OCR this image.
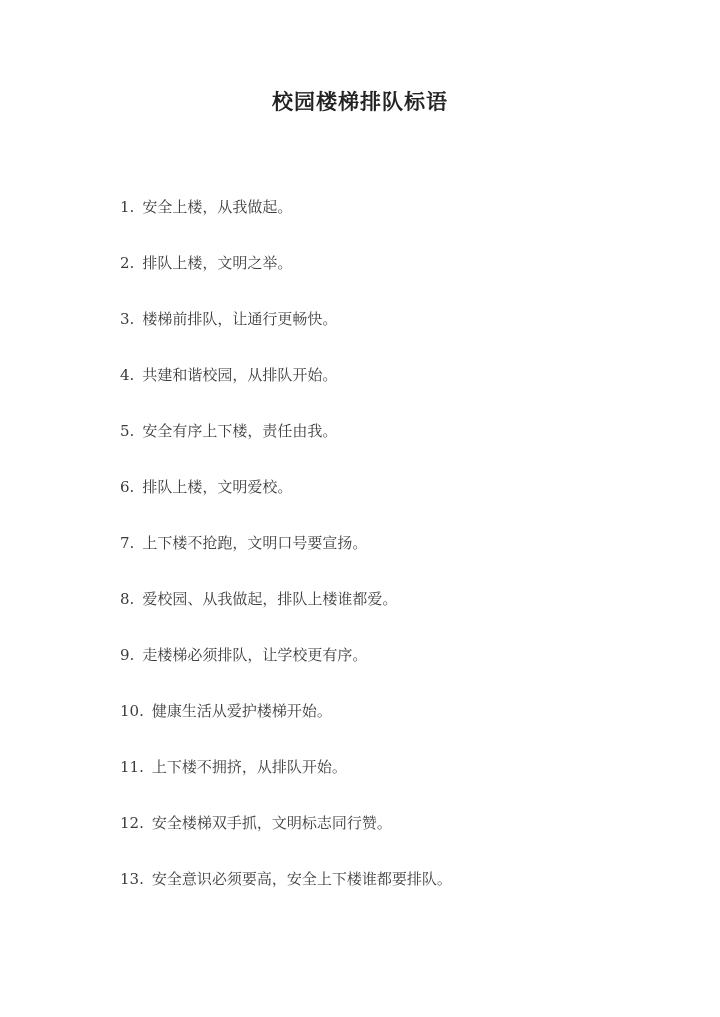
校园楼梯排队标语
1. 安全上楼，从我做起。
2. 排队上楼，文明之举。
3. 楼梯前排队，让通行更畅快。
4. 共建和谐校园，从排队开始。
5. 安全有序上下楼，责任由我。
6. 排队上楼，文明爱校。
7. 上下楼不抢跑，文明口号要宣扬。
8. 爱校园、从我做起，排队上楼谁都爱。
9. 走楼梯必须排队，让学校更有序。
10. 健康生活从爱护楼梯开始。
11. 上下楼不拥挤，从排队开始。
12. 安全楼梯双手抓，文明标志同行赞。
13. 安全意识必须要高，安全上下楼谁都要排队。
